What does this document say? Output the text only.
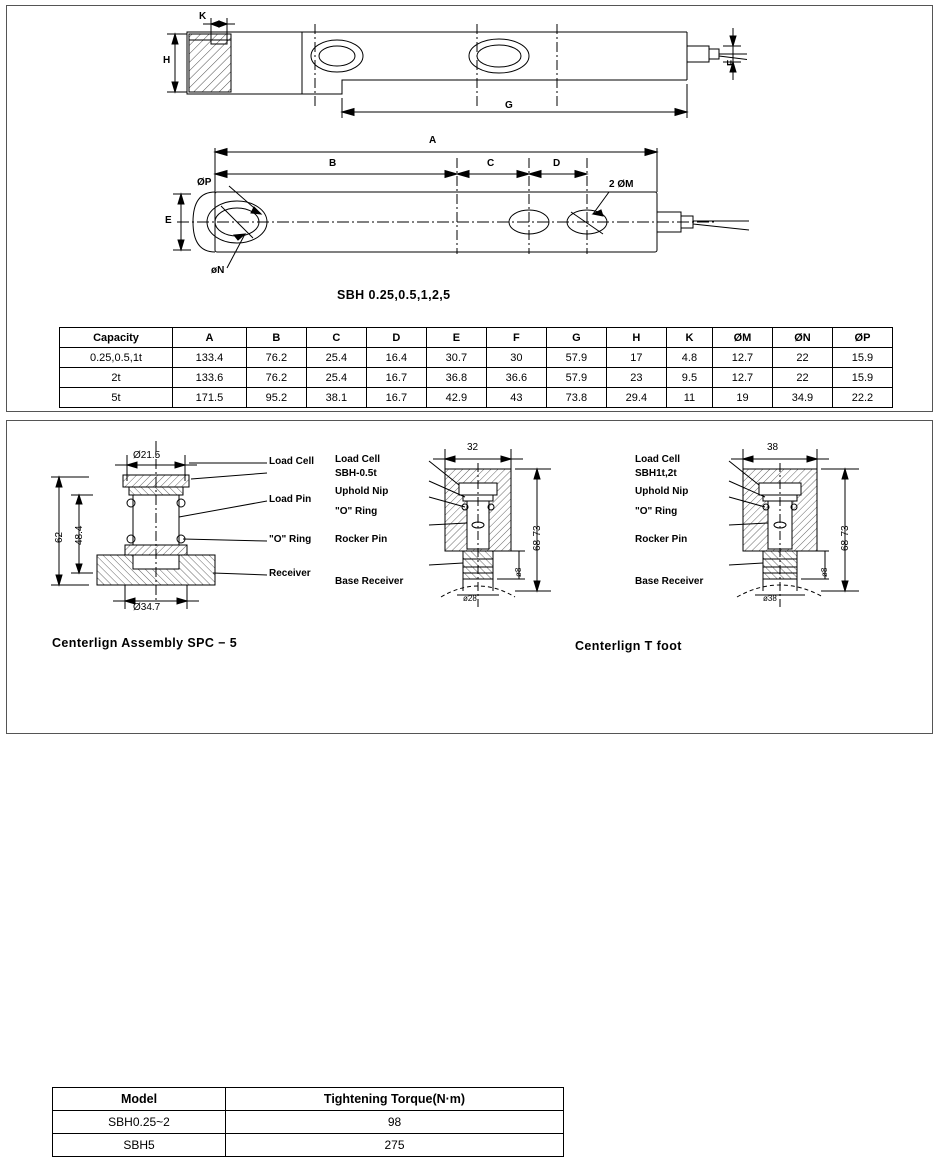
K
H
G
F
A
B	C	D
E
ØP
øN
2 ØM
SBH 0.25,0.5,1,2,5
Capacity	A	B	C	D	E	F	G	H	K	ØM	ØN	ØP
0.25,0.5,1t	133.4	76.2	25.4	16.4	30.7	30	57.9	17	4.8	12.7	22	15.9
2t	133.6	76.2	25.4	16.7	36.8	36.6	57.9	23	9.5	12.7	22	15.9
5t	171.5	95.2	38.1	16.7	42.9	43	73.8	29.4	11	19	34.9	22.2
Ø21.5
62 48.4
Ø34.7
Load Cell
Load Pin
"O" Ring
Receiver
32
68-73
ø8
ø28
Load Cell
SBH-0.5t
Uphold Nip
"O" Ring
Rocker Pin
Base Receiver
38
68-73
ø8
ø38
Load Cell
SBH1t,2t
Uphold Nip
"O" Ring
Rocker Pin
Base Receiver
Centerlign Assembly SPC − 5	Centerlign T foot
Model	Tightening Torque(N·m)
SBH0.25~2	98
SBH5	275
